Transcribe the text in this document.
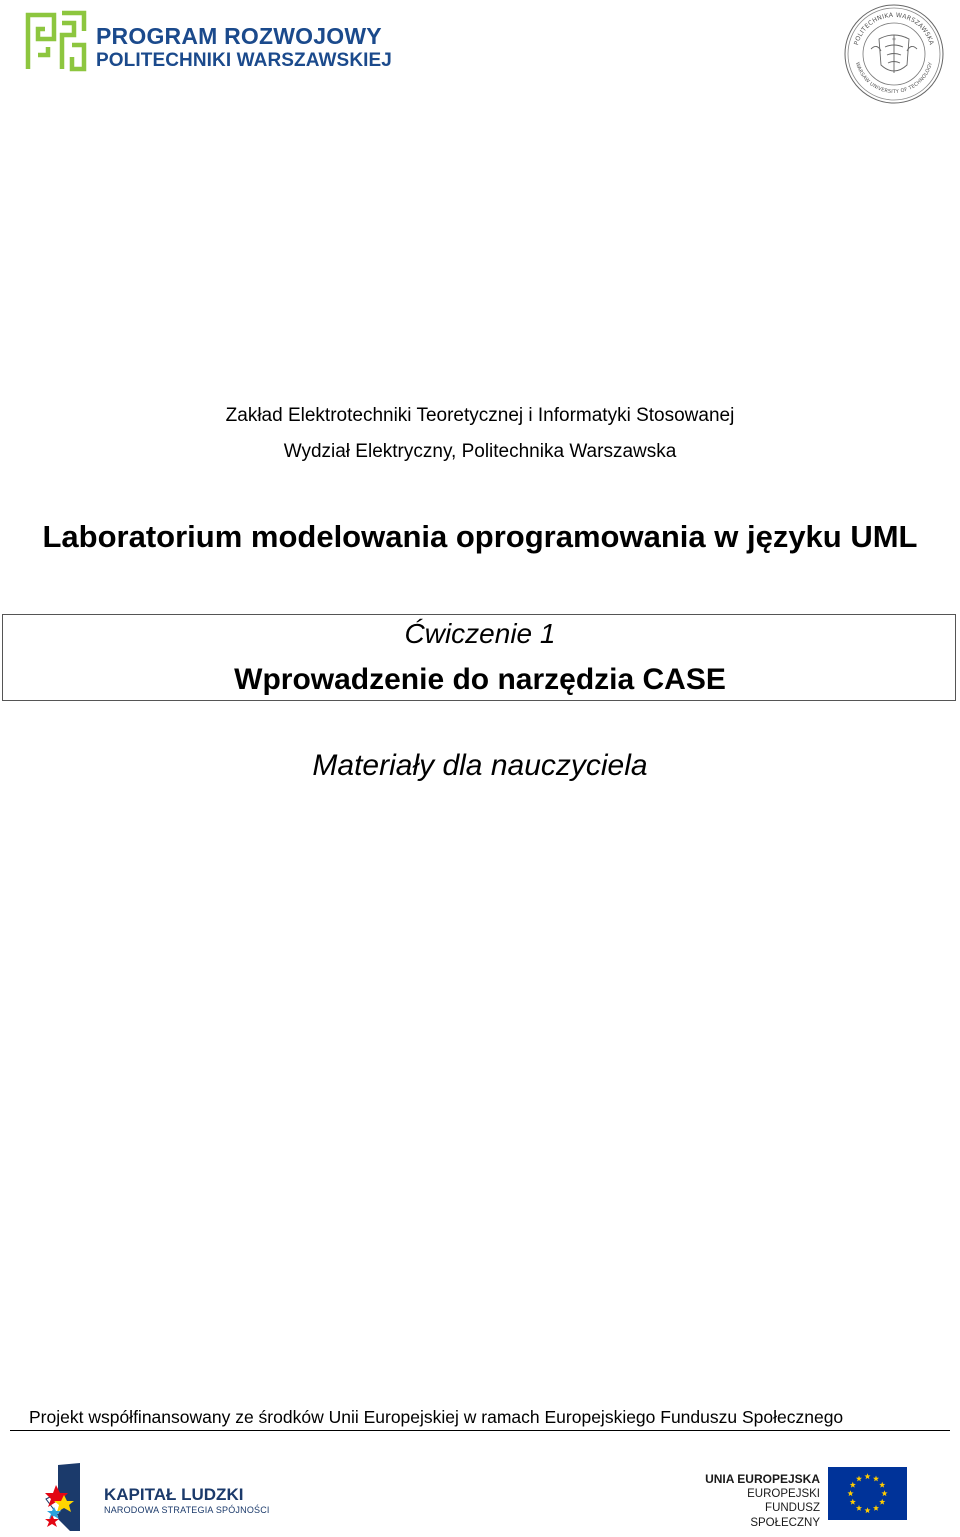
PROGRAM ROZWOJOWY
POLITECHNIKI WARSZAWSKIEJ
POLITECHNIKA WARSZAWSKA
WARSAW UNIVERSITY OF TECHNOLOGY
Zakład Elektrotechniki Teoretycznej i Informatyki Stosowanej
Wydział Elektryczny, Politechnika Warszawska
Laboratorium modelowania oprogramowania w języku UML
Ćwiczenie 1
Wprowadzenie do narzędzia CASE
Materiały dla nauczyciela
Projekt współfinansowany ze środków Unii Europejskiej w ramach Europejskiego Funduszu Społecznego
KAPITAŁ LUDZKI
NARODOWA STRATEGIA SPÓJNOŚCI
UNIA EUROPEJSKA
EUROPEJSKI
FUNDUSZ SPOŁECZNY
